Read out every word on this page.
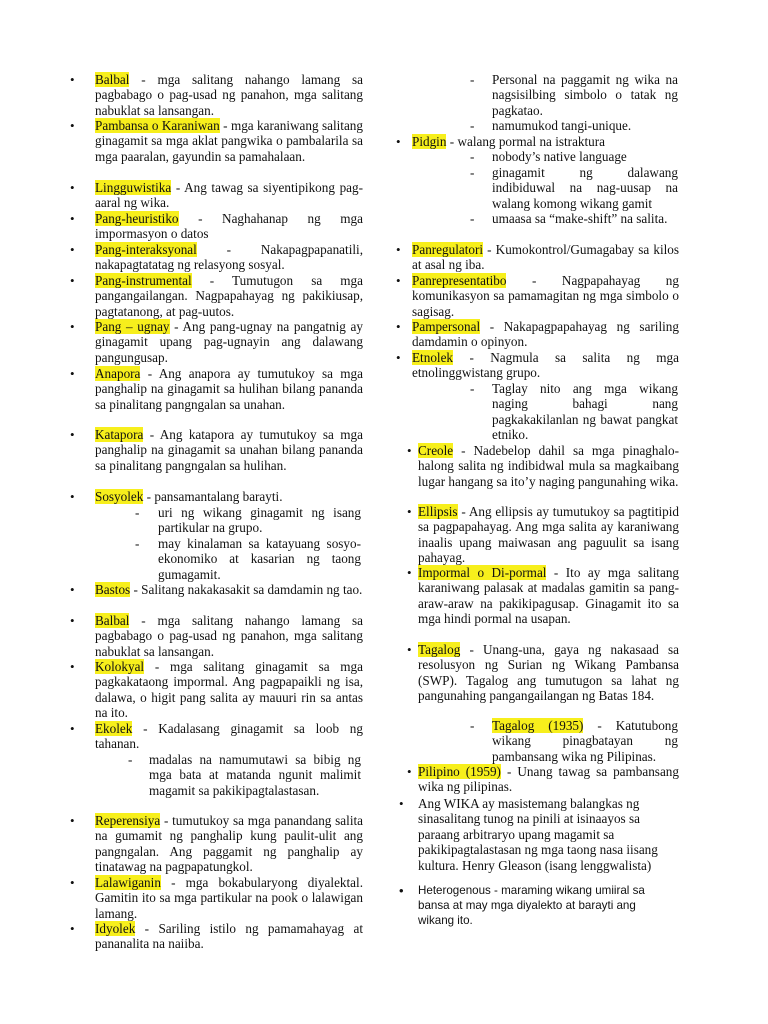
• Balbal - mga salitang nahango lamang sa pagbabago o pag-usad ng panahon, mga salitang nabuklat sa lansangan.
• Pambansa o Karaniwan - mga karaniwang salitang ginagamit sa mga aklat pangwika o pambalarila sa mga paaralan, gayundin sa pamahalaan.
• Lingguwistika - Ang tawag sa siyentipikong pag-aaral ng wika.
• Pang-heuristiko - Naghahanap ng mga impormasyon o datos
• Pang-interaksyonal - Nakapagpapanatili, nakapagtatatag ng relasyong sosyal.
• Pang-instrumental - Tumutugon sa mga pangangailangan. Nagpapahayag ng pakikiusap, pagtatanong, at pag-uutos.
• Pang – ugnay - Ang pang-ugnay na pangatnig ay ginagamit upang pag-ugnayin ang dalawang pangungusap.
• Anapora - Ang anapora ay tumutukoy sa mga panghalip na ginagamit sa hulihan bilang pananda sa pinalitang pangngalan sa unahan.
• Katapora - Ang katapora ay tumutukoy sa mga panghalip na ginagamit sa unahan bilang pananda sa pinalitang pangngalan sa hulihan.
• Sosyolek - pansamantalang barayti.
- uri ng wikang ginagamit ng isang partikular na grupo.
- may kinalaman sa katayuang sosyo-ekonomiko at kasarian ng taong gumagamit.
• Bastos - Salitang nakakasakit sa damdamin ng tao.
• Balbal - mga salitang nahango lamang sa pagbabago o pag-usad ng panahon, mga salitang nabuklat sa lansangan.
• Kolokyal - mga salitang ginagamit sa mga pagkakataong impormal. Ang pagpapaikli ng isa, dalawa, o higit pang salita ay mauuri rin sa antas na ito.
• Ekolek - Kadalasang ginagamit sa loob ng tahanan.
- madalas na namumutawi sa bibig ng mga bata at matanda ngunit malimit magamit sa pakikipagtalastasan.
• Reperensiya - tumutukoy sa mga panandang salita na gumamit ng panghalip kung paulit-ulit ang pangngalan. Ang paggamit ng panghalip ay tinatawag na pagpapatungkol.
• Lalawiganin - mga bokabularyong diyalektal. Gamitin ito sa mga partikular na pook o lalawigan lamang.
• Idyolek - Sariling istilo ng pamamahayag at pananalita na naiiba.
- Personal na paggamit ng wika na nagsisilbing simbolo o tatak ng pagkatao.
- namumukod tangi-unique.
• Pidgin - walang pormal na istraktura
- nobody’s native language
- ginagamit ng dalawang indibiduwal na nag-uusap na walang komong wikang gamit
- umaasa sa “make-shift” na salita.
• Panregulatori - Kumokontrol/Gumagabay sa kilos at asal ng iba.
• Panrepresentatibo - Nagpapahayag ng komunikasyon sa pamamagitan ng mga simbolo o sagisag.
• Pampersonal - Nakapagpapahayag ng sariling damdamin o opinyon.
• Etnolek - Nagmula sa salita ng mga etnolinggwistang grupo.
- Taglay nito ang mga wikang naging bahagi nang pagkakakilanlan ng bawat pangkat etniko.
• Creole - Nadebelop dahil sa mga pinaghalo-halong salita ng indibidwal mula sa magkaibang lugar hangang sa ito’y naging pangunahing wika.
• Ellipsis - Ang ellipsis ay tumutukoy sa pagtitipid sa pagpapahayag. Ang mga salita ay karaniwang inaalis upang maiwasan ang paguulit sa isang pahayag.
• Impormal o Di-pormal - Ito ay mga salitang karaniwang palasak at madalas gamitin sa pang-araw-araw na pakikipagusap. Ginagamit ito sa mga hindi pormal na usapan.
• Tagalog - Unang-una, gaya ng nakasaad sa resolusyon ng Surian ng Wikang Pambansa (SWP). Tagalog ang tumutugon sa lahat ng pangunahing pangangailangan ng Batas 184.
- Tagalog (1935) - Katutubong wikang pinagbatayan ng pambansang wika ng Pilipinas.
• Pilipino (1959) - Unang tawag sa pambansang wika ng pilipinas.
• Ang WIKA ay masistemang balangkas ng sinasalitang tunog na pinili at isinaayos sa paraang arbitraryo upang magamit sa pakikipagtalastasan ng mga taong nasa iisang kultura. Henry Gleason (isang lenggwalista)
• Heterogenous - maraming wikang umiiral sa bansa at may mga diyalekto at barayti ang wikang ito.
